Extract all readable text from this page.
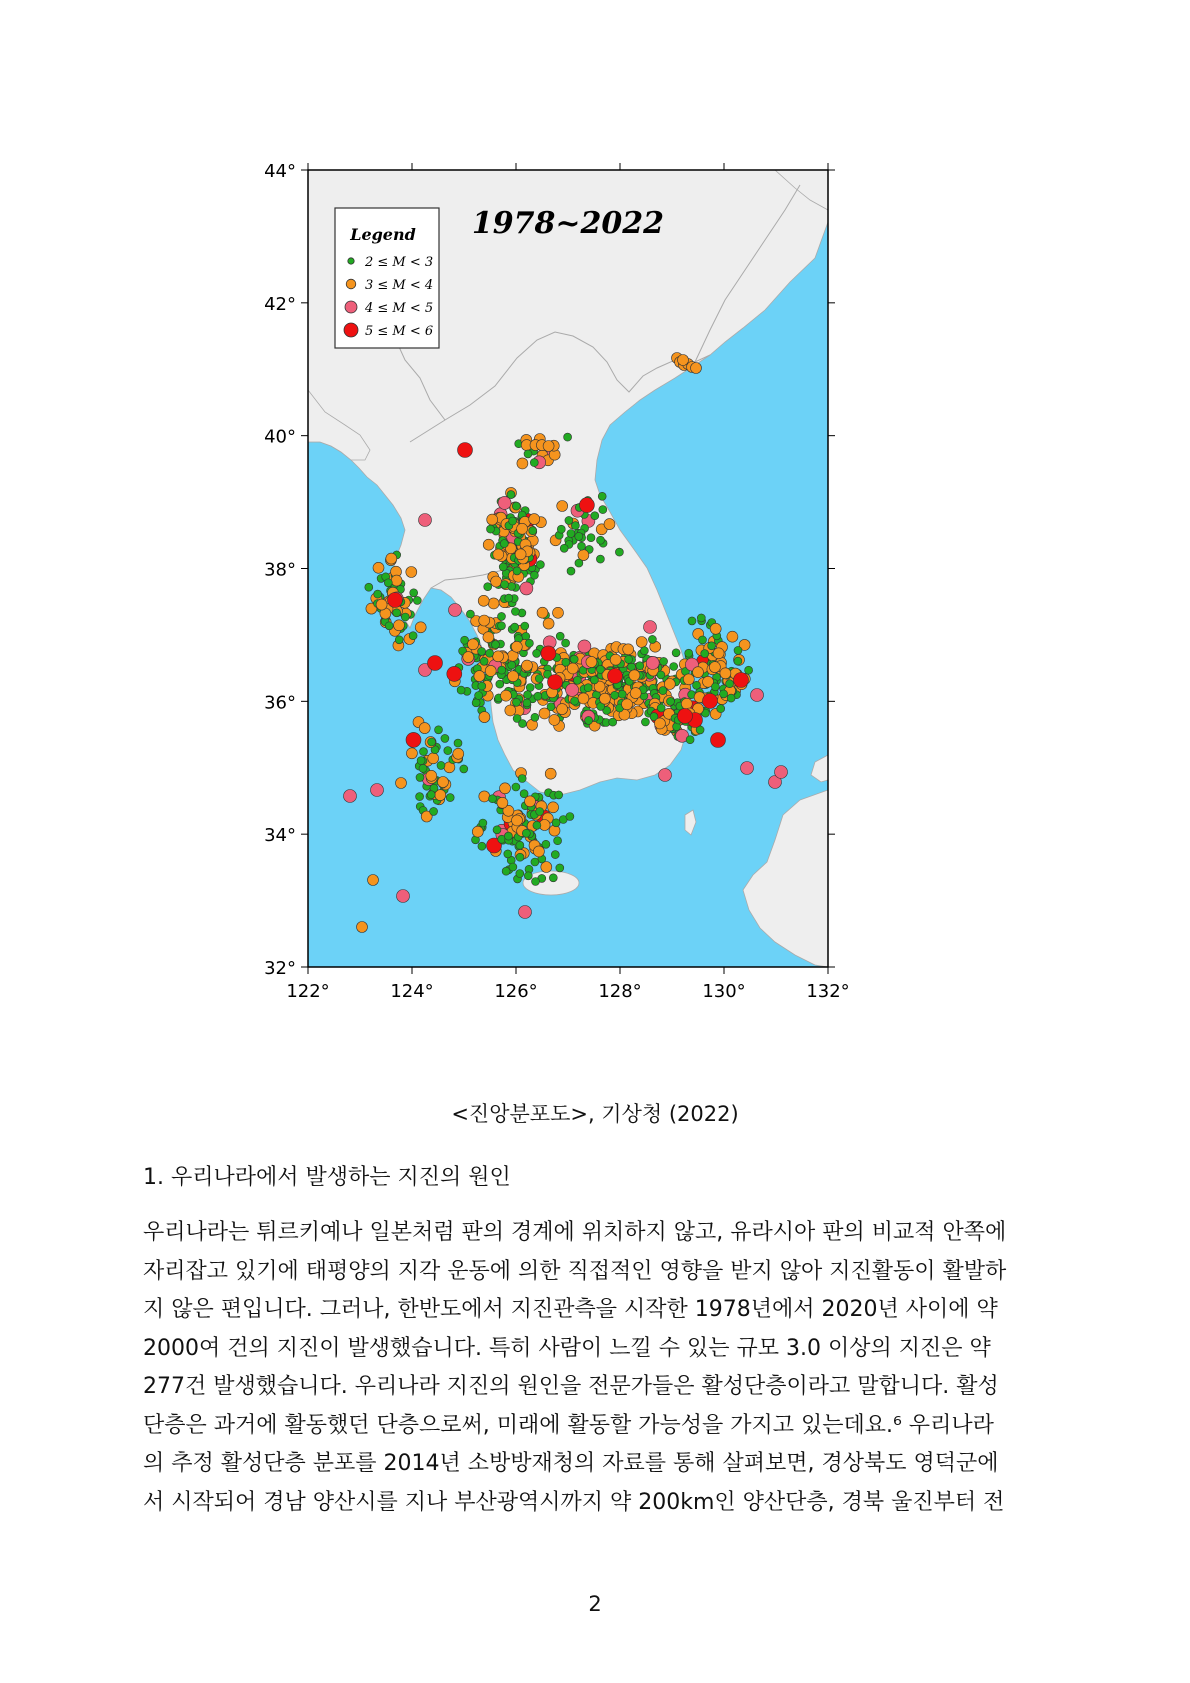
Legend
2 ≤ M < 3
3 ≤ M < 4
4 ≤ M < 5
5 ≤ M < 6
1978~2022
44°
42°
40°
38°
36°
34°
32°
122°	124°	126°	128°	130°	132°
<진앙분포도>, 기상청 (2022)
1. 우리나라에서 발생하는 지진의 원인
우리나라는 튀르키예나 일본처럼 판의 경계에 위치하지 않고, 유라시아 판의 비교적 안쪽에
자리잡고 있기에 태평양의 지각 운동에 의한 직접적인 영향을 받지 않아 지진활동이 활발하
지 않은 편입니다. 그러나, 한반도에서 지진관측을 시작한 1978년에서 2020년 사이에 약
2000여 건의 지진이 발생했습니다. 특히 사람이 느낄 수 있는 규모 3.0 이상의 지진은 약
277건 발생했습니다. 우리나라 지진의 원인을 전문가들은 활성단층이라고 말합니다. 활성
단층은 과거에 활동했던 단층으로써, 미래에 활동할 가능성을 가지고 있는데요.⁶ 우리나라
의 추정 활성단층 분포를 2014년 소방방재청의 자료를 통해 살펴보면, 경상북도 영덕군에
서 시작되어 경남 양산시를 지나 부산광역시까지 약 200km인 양산단층, 경북 울진부터 전
2
